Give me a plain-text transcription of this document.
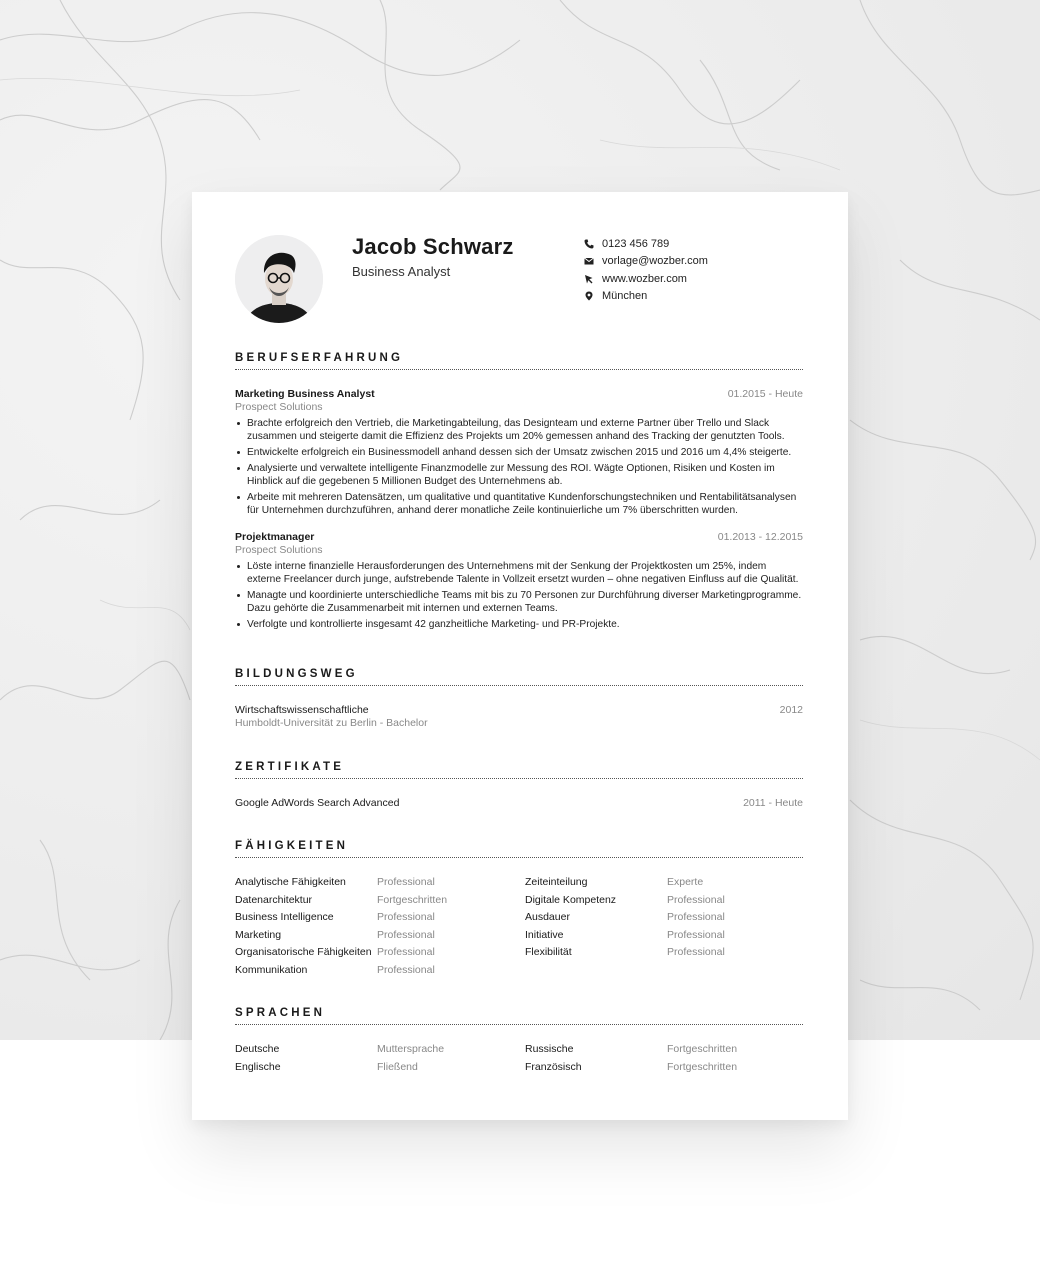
Jacob Schwarz
Business Analyst
0123 456 789
vorlage@wozber.com
www.wozber.com
München
BERUFSERFAHRUNG
Marketing Business Analyst	01.2015 - Heute
Prospect Solutions
Brachte erfolgreich den Vertrieb, die Marketingabteilung, das Designteam und externe Partner über Trello und Slack zusammen und steigerte damit die Effizienz des Projekts um 20% gemessen anhand des Tracking der genutzten Tools.
Entwickelte erfolgreich ein Businessmodell anhand dessen sich der Umsatz zwischen 2015 und 2016 um 4,4% steigerte.
Analysierte und verwaltete intelligente Finanzmodelle zur Messung des ROI. Wägte Optionen, Risiken und Kosten im Hinblick auf die gegebenen 5 Millionen Budget des Unternehmens ab.
Arbeite mit mehreren Datensätzen, um qualitative und quantitative Kundenforschungstechniken und Rentabilitätsanalysen für Unternehmen durchzuführen, anhand derer monatliche Zeile kontinuierliche um 7% überschritten wurden.
Projektmanager	01.2013 - 12.2015
Prospect Solutions
Löste interne finanzielle Herausforderungen des Unternehmens mit der Senkung der Projektkosten um 25%, indem externe Freelancer durch junge, aufstrebende Talente in Vollzeit ersetzt wurden – ohne negativen Einfluss auf die Qualität.
Managte und koordinierte unterschiedliche Teams mit bis zu 70 Personen zur Durchführung diverser Marketingprogramme. Dazu gehörte die Zusammenarbeit mit internen und externen Teams.
Verfolgte und kontrollierte insgesamt 42 ganzheitliche Marketing- und PR-Projekte.
BILDUNGSWEG
Wirtschaftswissenschaftliche	2012
Humboldt-Universität zu Berlin - Bachelor
ZERTIFIKATE
Google AdWords Search Advanced	2011 - Heute
FÄHIGKEITEN
Analytische Fähigkeiten	Professional	Zeiteinteilung	Experte
Datenarchitektur	Fortgeschritten	Digitale Kompetenz	Professional
Business Intelligence	Professional	Ausdauer	Professional
Marketing	Professional	Initiative	Professional
Organisatorische Fähigkeiten Professional	Flexibilität	Professional
Kommunikation	Professional
SPRACHEN
Deutsche	Muttersprache	Russische	Fortgeschritten
Englische	Fließend	Französisch	Fortgeschritten
